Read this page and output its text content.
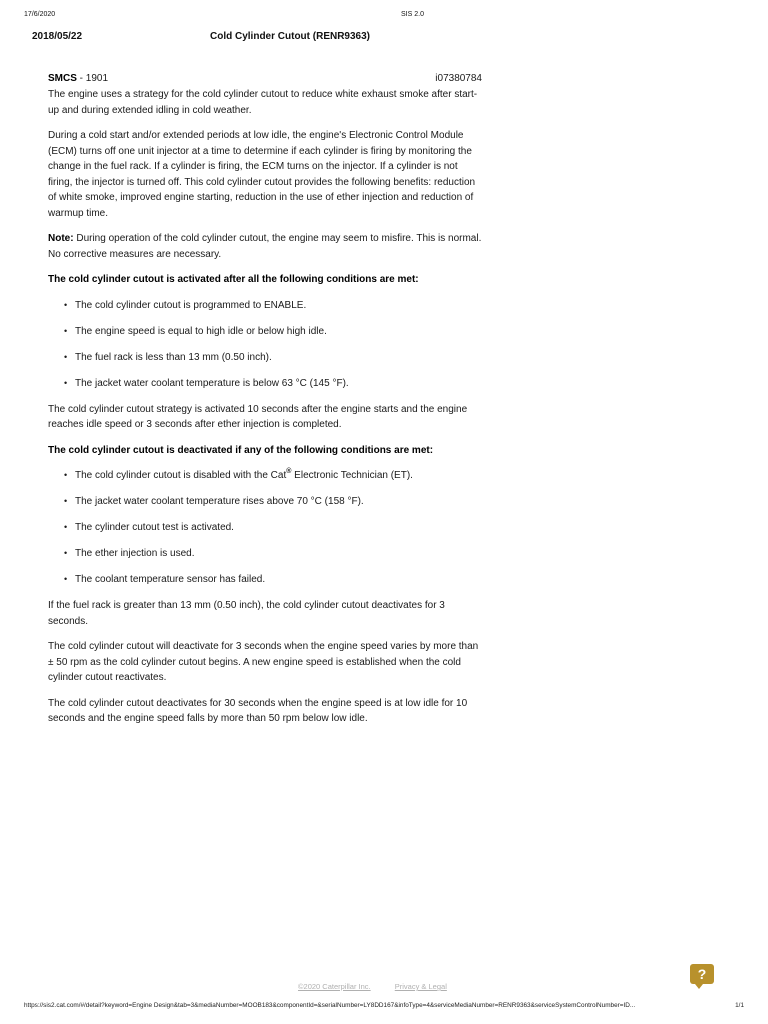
17/6/2020	SIS 2.0
2018/05/22	Cold Cylinder Cutout (RENR9363)
SMCS - 1901	i07380784

The engine uses a strategy for the cold cylinder cutout to reduce white exhaust smoke after start-up and during extended idling in cold weather.

During a cold start and/or extended periods at low idle, the engine's Electronic Control Module (ECM) turns off one unit injector at a time to determine if each cylinder is firing by monitoring the change in the fuel rack. If a cylinder is firing, the ECM turns on the injector. If a cylinder is not firing, the injector is turned off. This cold cylinder cutout provides the following benefits: reduction of white smoke, improved engine starting, reduction in the use of ether injection and reduction of warmup time.

Note: During operation of the cold cylinder cutout, the engine may seem to misfire. This is normal. No corrective measures are necessary.

The cold cylinder cutout is activated after all the following conditions are met:
• The cold cylinder cutout is programmed to ENABLE.
• The engine speed is equal to high idle or below high idle.
• The fuel rack is less than 13 mm (0.50 inch).
• The jacket water coolant temperature is below 63 °C (145 °F).

The cold cylinder cutout strategy is activated 10 seconds after the engine starts and the engine reaches idle speed or 3 seconds after ether injection is completed.

The cold cylinder cutout is deactivated if any of the following conditions are met:
• The cold cylinder cutout is disabled with the Cat® Electronic Technician (ET).
• The jacket water coolant temperature rises above 70 °C (158 °F).
• The cylinder cutout test is activated.
• The ether injection is used.
• The coolant temperature sensor has failed.

If the fuel rack is greater than 13 mm (0.50 inch), the cold cylinder cutout deactivates for 3 seconds.

The cold cylinder cutout will deactivate for 3 seconds when the engine speed varies by more than ± 50 rpm as the cold cylinder cutout begins. A new engine speed is established when the cold cylinder cutout reactivates.

The cold cylinder cutout deactivates for 30 seconds when the engine speed is at low idle for 10 seconds and the engine speed falls by more than 50 rpm below low idle.

©2020 Caterpillar Inc.	Privacy & Legal
?
https://sis2.cat.com/#/detail?keyword=Engine Design&tab=3&mediaNumber=MOOB183&componentId=&serialNumber=LY8DD167&infoType=4&serviceMediaNumber=RENR9363&serviceSystemControlNumber=ID...	1/1
